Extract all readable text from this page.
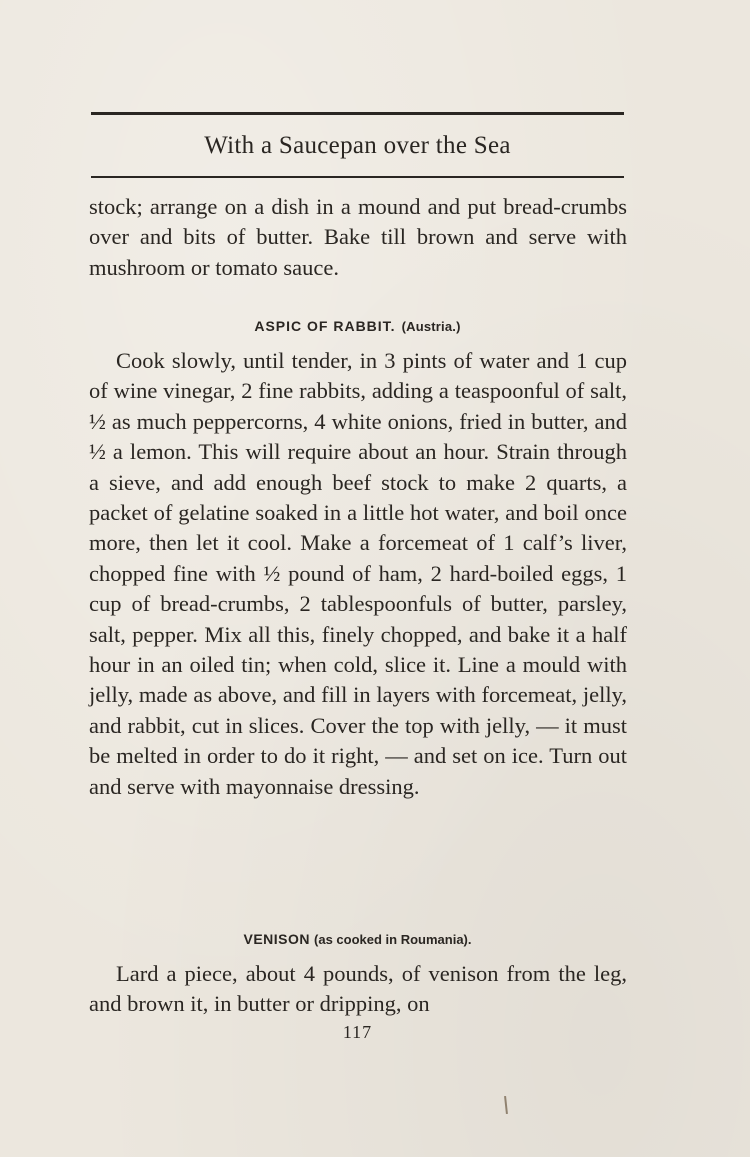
With a Saucepan over the Sea

stock; arrange on a dish in a mound and put bread-crumbs over and bits of butter. Bake till brown and serve with mushroom or tomato sauce.

ASPIC OF RABBIT. (Austria.)

Cook slowly, until tender, in 3 pints of water and 1 cup of wine vinegar, 2 fine rabbits, adding a teaspoonful of salt, ½ as much peppercorns, 4 white onions, fried in butter, and ½ a lemon. This will require about an hour. Strain through a sieve, and add enough beef stock to make 2 quarts, a packet of gelatine soaked in a little hot water, and boil once more, then let it cool. Make a forcemeat of 1 calf’s liver, chopped fine with ½ pound of ham, 2 hard-boiled eggs, 1 cup of bread-crumbs, 2 tablespoonfuls of butter, parsley, salt, pepper. Mix all this, finely chopped, and bake it a half hour in an oiled tin; when cold, slice it. Line a mould with jelly, made as above, and fill in layers with forcemeat, jelly, and rabbit, cut in slices. Cover the top with jelly, — it must be melted in order to do it right, — and set on ice. Turn out and serve with mayonnaise dressing.

VENISON (as cooked in Roumania).

Lard a piece, about 4 pounds, of venison from the leg, and brown it, in butter or dripping, on

117
